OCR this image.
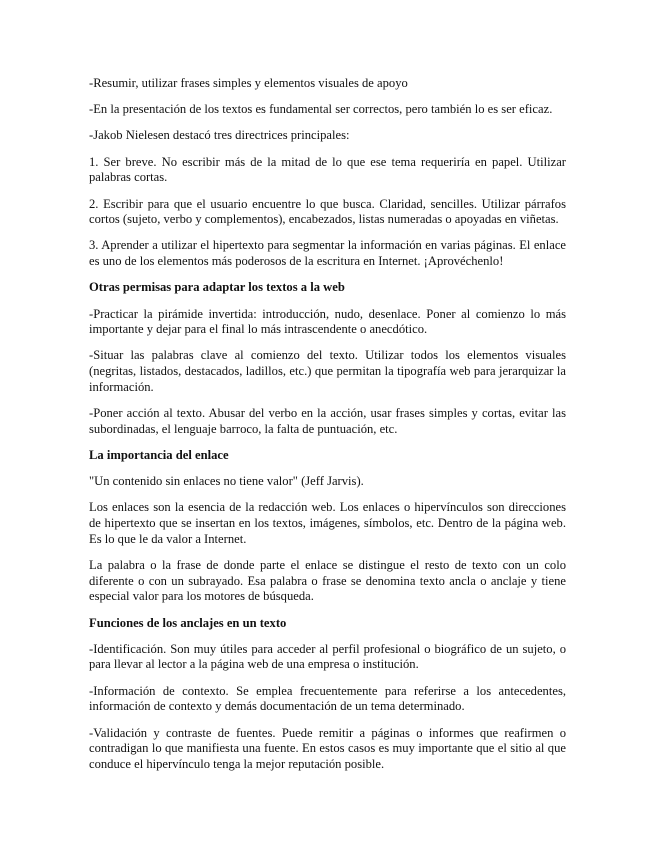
-Resumir, utilizar frases simples y elementos visuales de apoyo

-En la presentación de los textos es fundamental ser correctos, pero también lo es ser eficaz.

-Jakob Nielesen destacó tres directrices principales:

1. Ser breve. No escribir más de la mitad de lo que ese tema requeriría en papel. Utilizar palabras cortas.

2. Escribir para que el usuario encuentre lo que busca. Claridad, sencilles. Utilizar párrafos cortos (sujeto, verbo y complementos), encabezados, listas numeradas o apoyadas en viñetas.

3. Aprender a utilizar el hipertexto para segmentar la información en varias páginas. El enlace es uno de los elementos más poderosos de la escritura en Internet. ¡Aprovéchenlo!

Otras permisas para adaptar los textos a la web

-Practicar la pirámide invertida: introducción, nudo, desenlace. Poner al comienzo lo más importante y dejar para el final lo más intrascendente o anecdótico.

-Situar las palabras clave al comienzo del texto. Utilizar todos los elementos visuales (negritas, listados, destacados, ladillos, etc.) que permitan la tipografía web para jerarquizar la información.

-Poner acción al texto. Abusar del verbo en la acción, usar frases simples y cortas, evitar las subordinadas, el lenguaje barroco, la falta de puntuación, etc.

La importancia del enlace

"Un contenido sin enlaces no tiene valor" (Jeff Jarvis).

Los enlaces son la esencia de la redacción web. Los enlaces o hipervínculos son direcciones de hipertexto que se insertan en los textos, imágenes, símbolos, etc. Dentro de la página web. Es lo que le da valor a Internet.

La palabra o la frase de donde parte el enlace se distingue el resto de texto con un colo diferente o con un subrayado. Esa palabra o frase se denomina texto ancla o anclaje y tiene especial valor para los motores de búsqueda.

Funciones de los anclajes en un texto

-Identificación. Son muy útiles para acceder al perfil profesional o biográfico de un sujeto, o para llevar al lector a la página web de una empresa o institución.

-Información de contexto. Se emplea frecuentemente para referirse a los antecedentes, información de contexto y demás documentación de un tema determinado.

-Validación y contraste de fuentes. Puede remitir a páginas o informes que reafirmen o contradigan lo que manifiesta una fuente. En estos casos es muy importante que el sitio al que conduce el hipervínculo tenga la mejor reputación posible.
